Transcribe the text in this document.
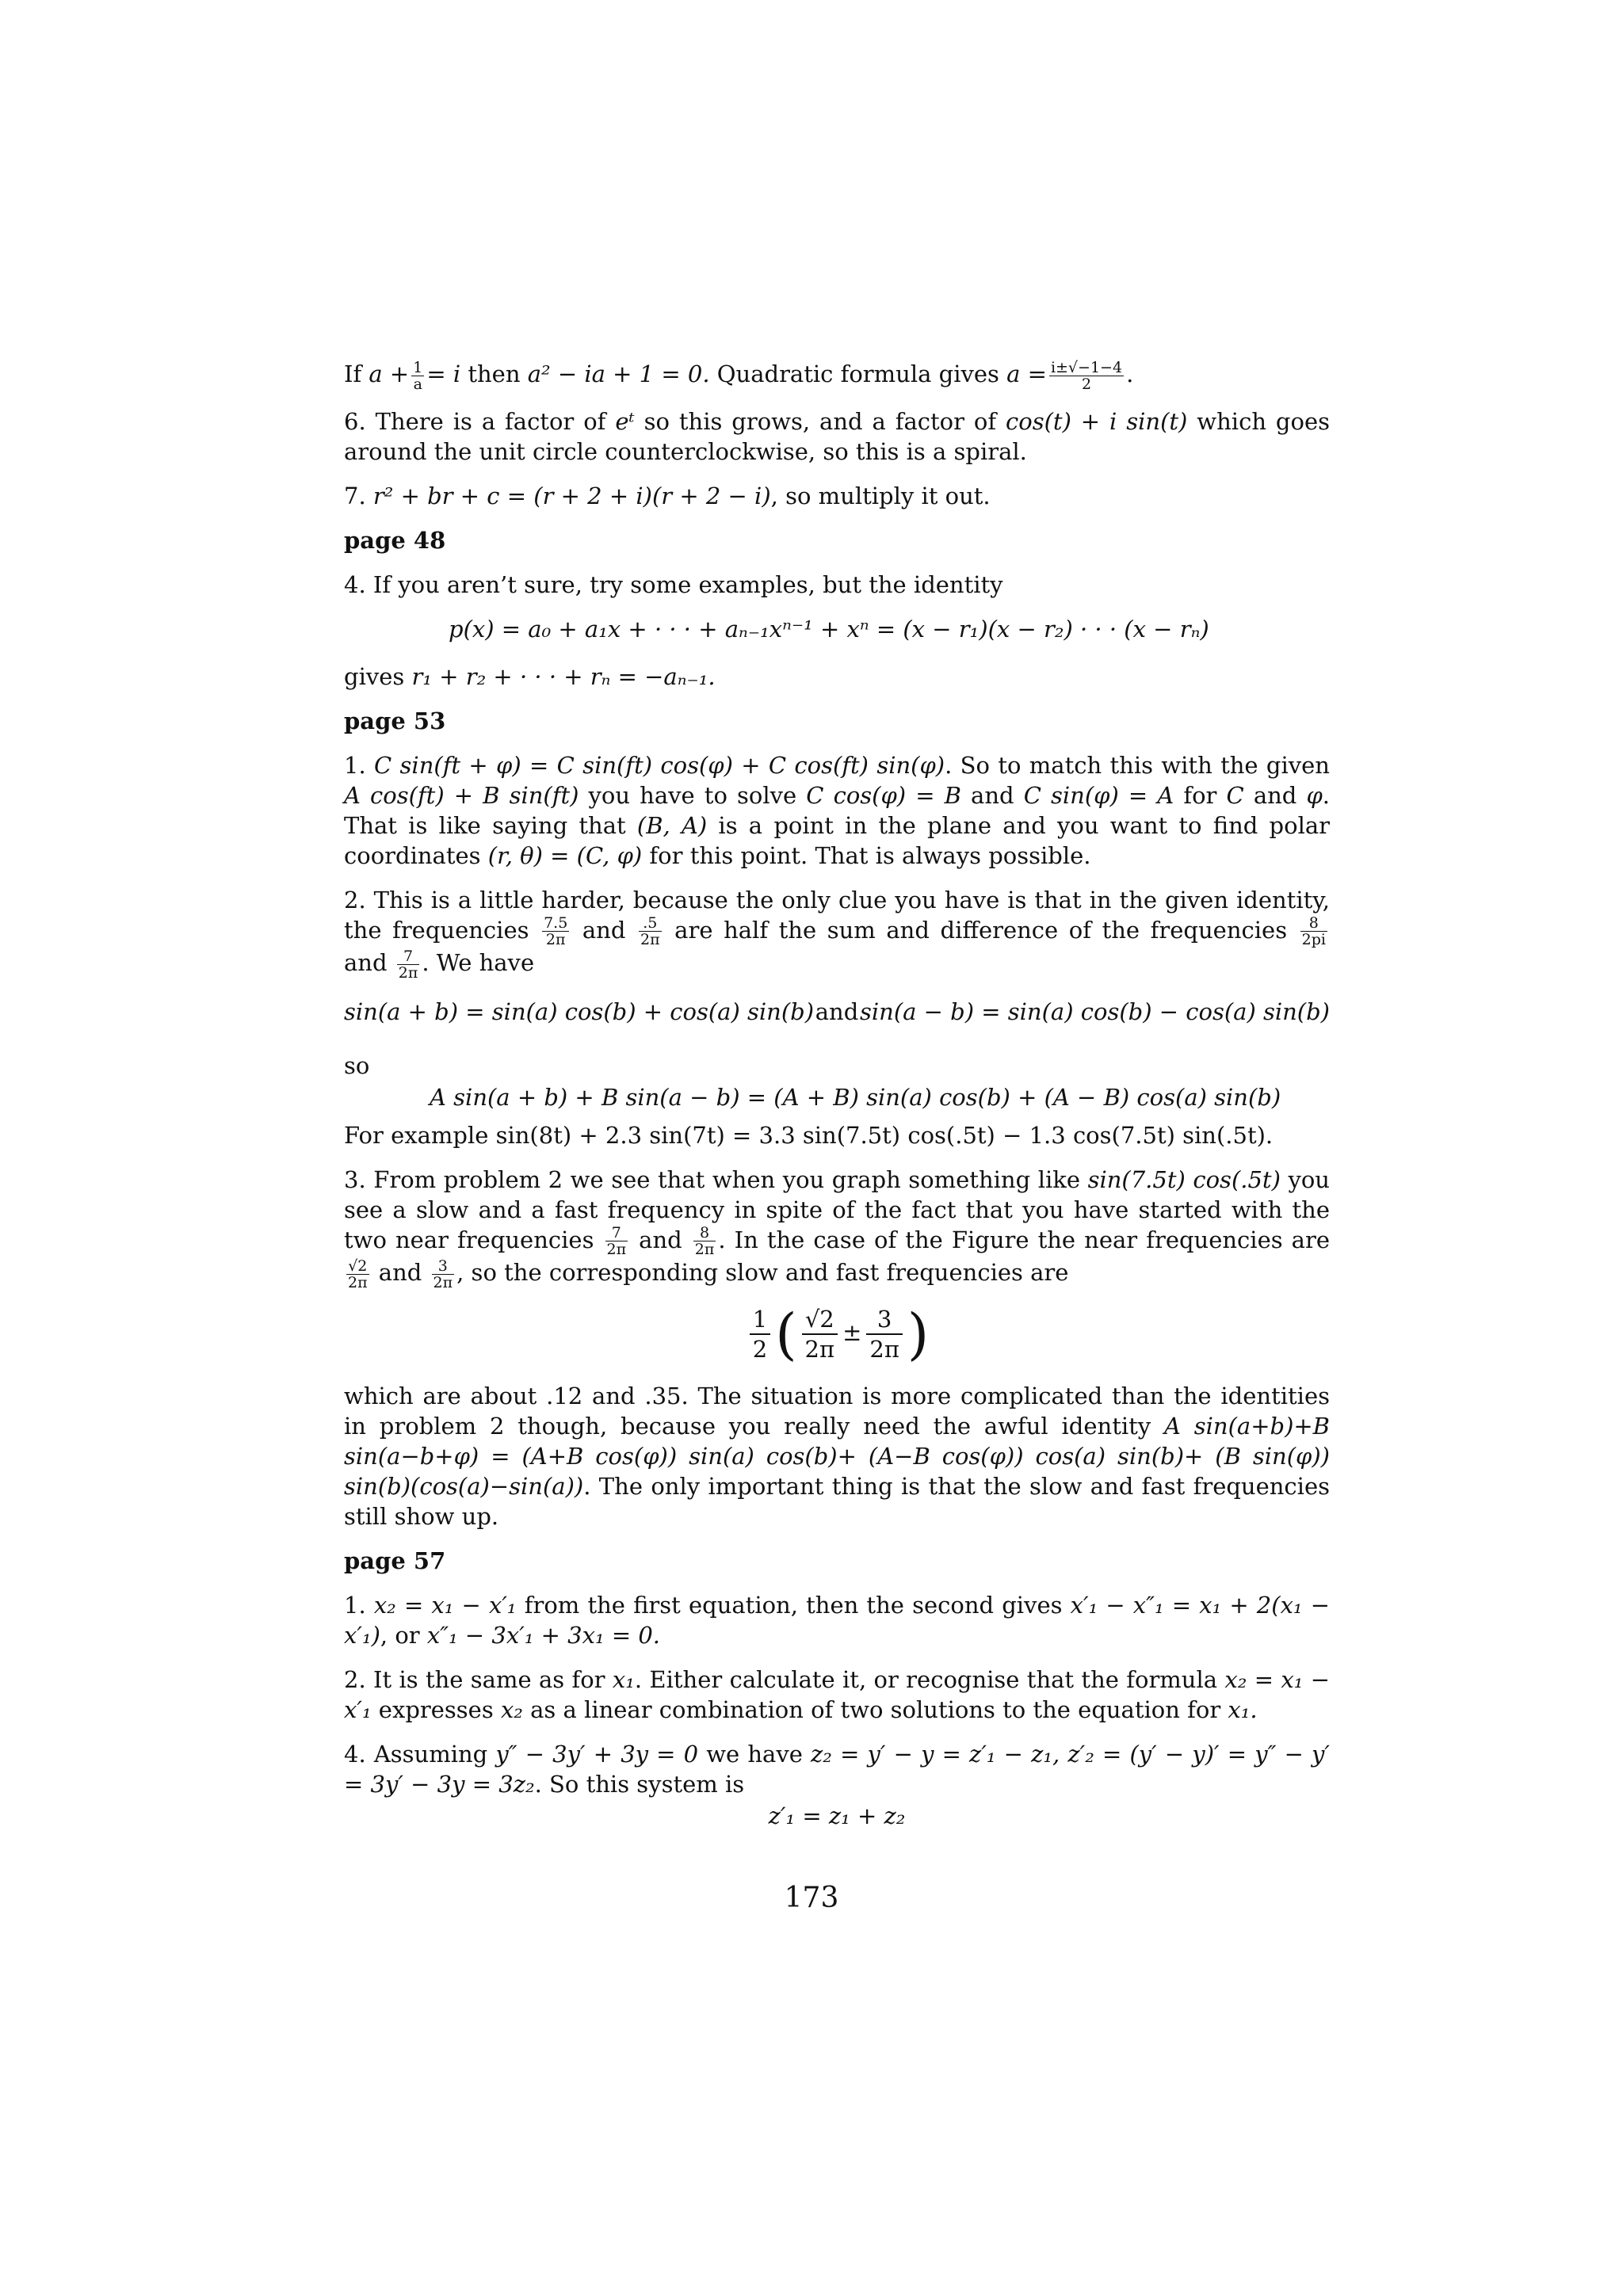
If $a + \frac{1}{a} = i$ then a² − ia + 1 = 0. Quadratic formula gives $a = \frac{i\pm√-1-4}{2}$ .

6. There is a factor of eᵗ so this grows, and a factor of cos(t) + i sin(t) which goes around the unit circle counterclockwise, so this is a spiral.

7. r² + br + c = (r + 2 + i)(r + 2 − i), so multiply it out.

page 48

4. If you aren’t sure, try some examples, but the identity

p(x) = a₀ + a₁x + · · · + aₙ₋₁xⁿ⁻¹ + xⁿ = (x − r₁)(x − r₂) · · · (x − rₙ)

gives r₁ + r₂ + · · · + rₙ = −aₙ₋₁.

page 53

1. C sin(ft + φ) = C sin(ft) cos(φ) + C cos(ft) sin(φ). So to match this with the given A cos(ft) + B sin(ft) you have to solve C cos(φ) = B and C sin(φ) = A for C and φ. That is like saying that (B, A) is a point in the plane and you want to find polar coordinates (r, θ) = (C, φ) for this point. That is always possible.

2. This is a little harder, because the only clue you have is that in the given identity, the frequencies $\frac{7.5}{2\pi}$ and $\frac{.5}{2\pi}$ are half the sum and difference of the frequencies $\frac{8}{2pi}$
and $\frac{7}{2\pi}$ . We have

sin(a + b) = sin(a) cos(b) + cos(a) sin(b) and sin(a − b) = sin(a) cos(b) − cos(a) sin(b)

so

A sin(a + b) + B sin(a − b) = (A + B) sin(a) cos(b) + (A − B) cos(a) sin(b)

For example sin(8t) + 2.3 sin(7t) = 3.3 sin(7.5t) cos(.5t) − 1.3 cos(7.5t) sin(.5t).

3. From problem 2 we see that when you graph something like sin(7.5t) cos(.5t) you see a slow and a fast frequency in spite of the fact that you have started with the two near frequencies $\frac{7}{2\pi}$ and $\frac{8}{2\pi}$ . In the case of the Figure the near frequencies are
$\frac{√2}{2\pi}$ and $\frac{3}{2\pi}$ , so the corresponding slow and fast frequencies are

$\frac{1}{2}$ ( $\frac{√2}{2\pi} \pm \frac{3}{2\pi}$ )

which are about .12 and .35. The situation is more complicated than the identities in problem 2 though, because you really need the awful identity A sin(a+b)+B sin(a−b+φ) = (A+B cos(φ)) sin(a) cos(b)+ (A−B cos(φ)) cos(a) sin(b)+ (B sin(φ)) sin(b)(cos(a)−sin(a)). The only important thing is that the slow and fast frequencies still show up.

page 57

1. x₂ = x₁ − x′₁ from the first equation, then the second gives x′₁ − x″₁ = x₁ + 2(x₁ − x′₁), or x″₁ − 3x′₁ + 3x₁ = 0.

2. It is the same as for x₁. Either calculate it, or recognise that the formula x₂ = x₁ − x′₁ expresses x₂ as a linear combination of two solutions to the equation for x₁.

4. Assuming y″ − 3y′ + 3y = 0 we have z₂ = y′ − y = z′₁ − z₁, z′₂ = (y′ − y)′ = y″ − y′ = 3y′ − 3y = 3z₂. So this system is

z′₁ = z₁ + z₂
173
